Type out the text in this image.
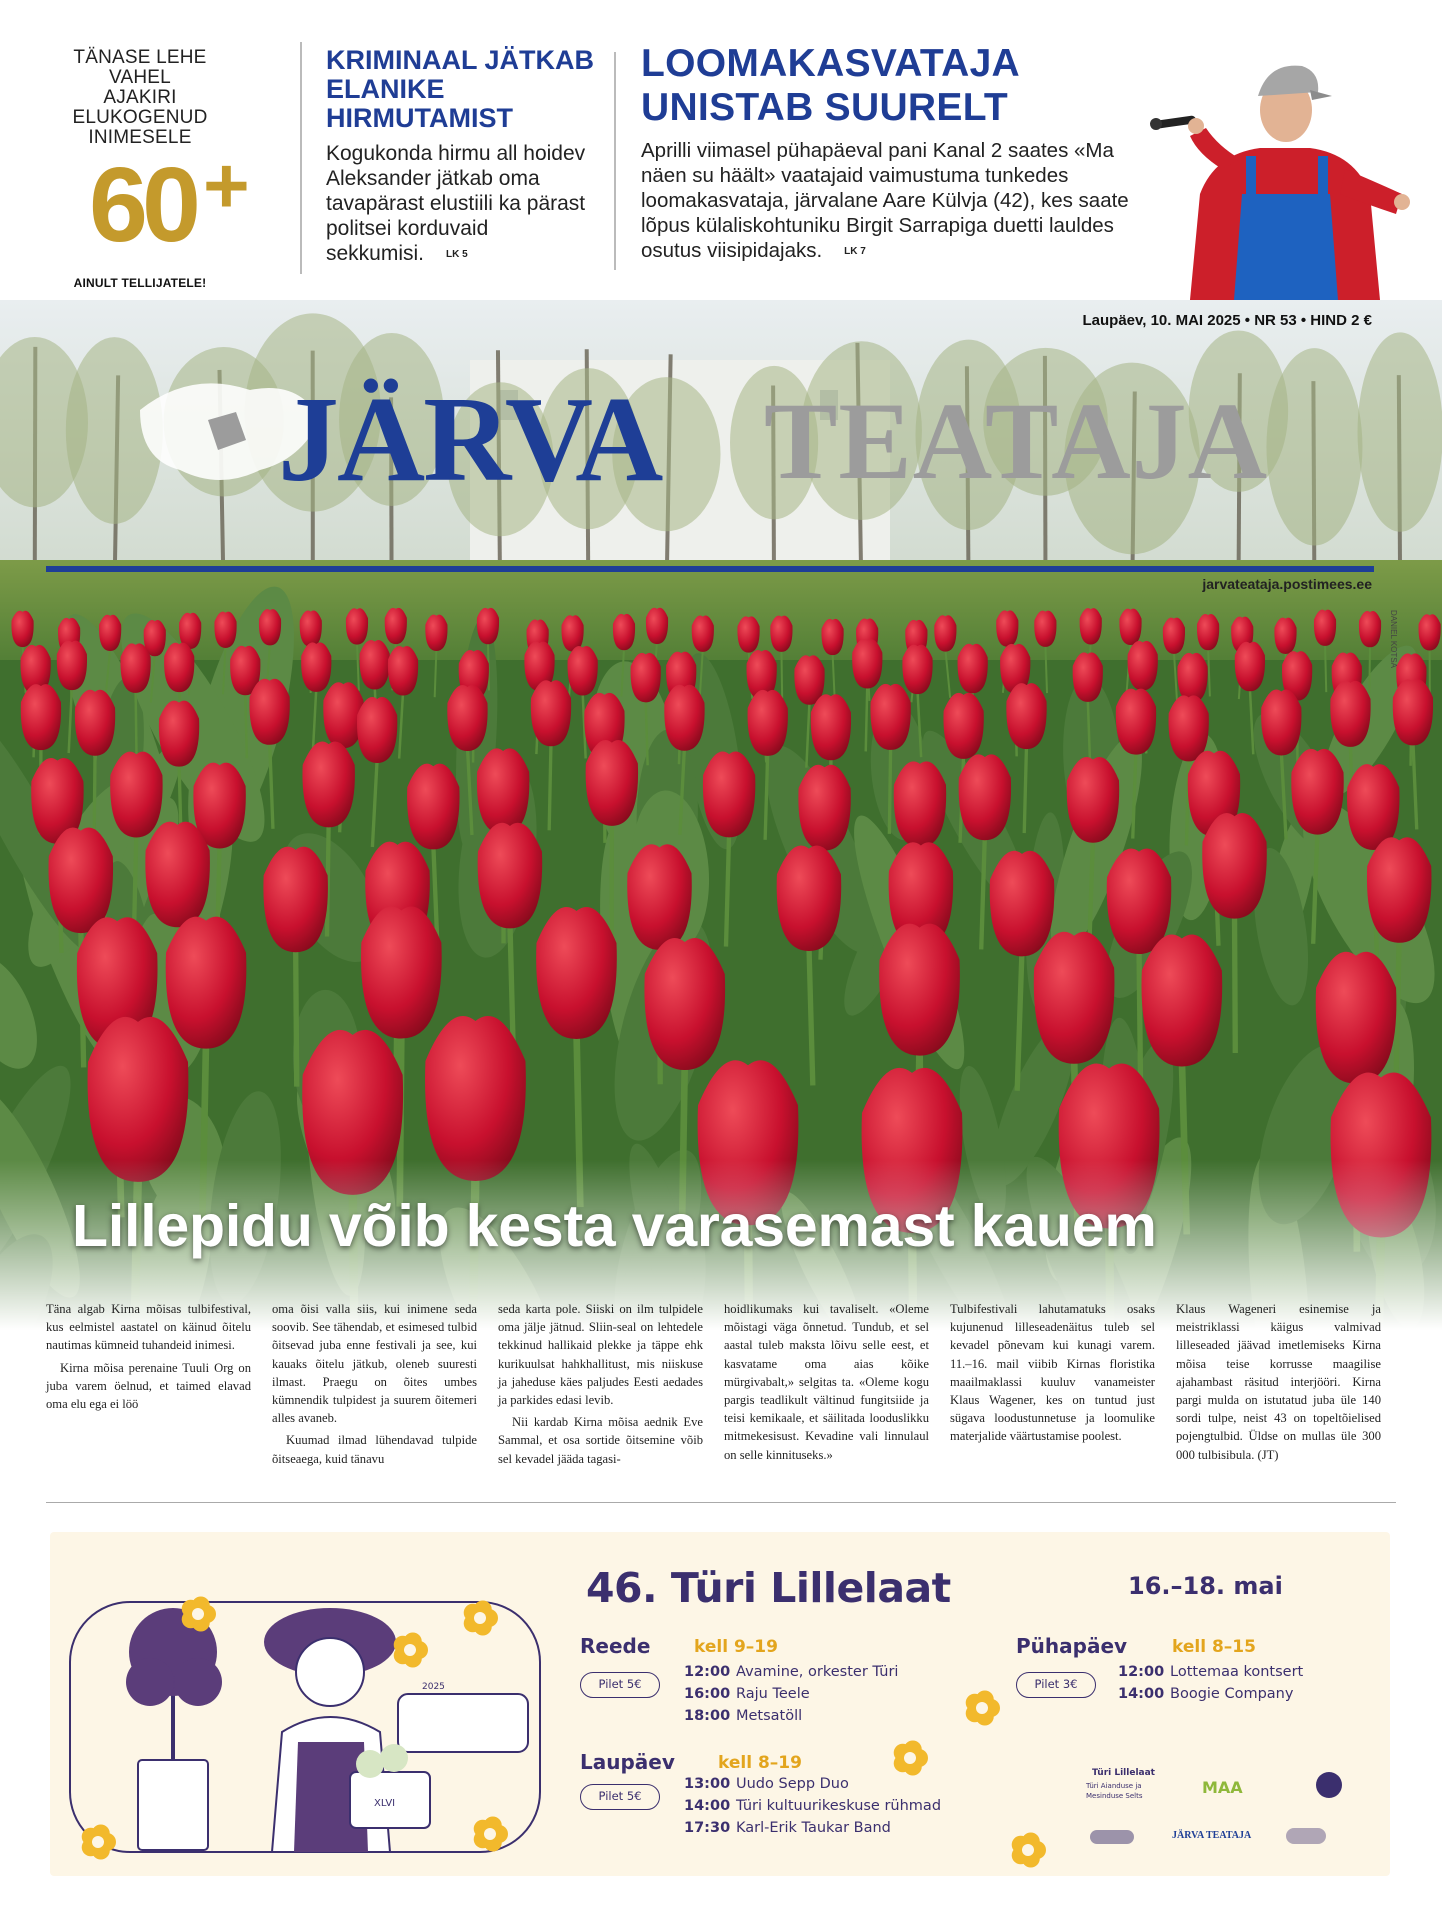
TÄNASE LEHE VAHEL
AJAKIRI
ELUKOGENUD INIMESELE
60 +
AINULT TELLIJATELE!
KRIMINAAL JÄTKAB ELANIKE HIRMUTAMIST
Kogukonda hirmu all hoidev Aleksander jätkab oma tavapärast elustiili ka pärast politsei korduvaid sekkumisi. LK 5
LOOMAKASVATAJA UNISTAB SUURELT
Aprilli viimasel pühapäeval pani Kanal 2 saates «Ma näen su häält» vaatajaid vaimustuma tunkedes loomakasvataja, järvalane Aare Külvja (42), kes saate lõpus külaliskohtuniku Birgit Sarrapiga duetti lauldes osutus viisipidajaks. LK 7
Laupäev, 10. MAI 2025 • NR 53 • HIND 2 €
JÄRVA TEATAJA
jarvateataja.postimees.ee
DANIEL KOTSA
Lillepidu võib kesta varasemast kauem

Täna algab Kirna mõisas tulbifestival, kus eelmistel aastatel on käinud õitelu nautimas kümneid tuhandeid inimesi.

Kirna mõisa perenaine Tuuli Org on juba varem öelnud, et taimed elavad oma elu ega ei löö

oma õisi valla siis, kui inimene seda soovib. See tähendab, et esimesed tulbid õitsevad juba enne festivali ja see, kui kauaks õitelu jätkub, oleneb suuresti ilmast. Praegu on õites umbes kümnendik tulpidest ja suurem õitemeri alles avaneb.

Kuumad ilmad lühendavad tulpide õitseaega, kuid tänavu

seda karta pole. Siiski on ilm tulpidele oma jälje jätnud. Sliin-seal on lehtedele tekkinud hallikaid plekke ja täppe ehk kurikuulsat hahkhallitust, mis niiskuse ja jaheduse käes paljudes Eesti aedades ja parkides edasi levib.

Nii kardab Kirna mõisa aednik Eve Sammal, et osa sortide õitsemine võib sel kevadel jääda tagasi-

hoidlikumaks kui tavaliselt. «Oleme mõistagi väga õnnetud. Tundub, et sel aastal tuleb maksta lõivu selle eest, et kasvatame oma aias kõike mürgivabalt,» selgitas ta. «Oleme kogu pargis teadlikult vältinud fungitsiide ja teisi kemikaale, et säilitada looduslikku mitmekesisust. Kevadine vali linnulaul on selle kinnituseks.»

Tulbifestivali lahutamatuks osaks kujunenud lilleseadenäitus tuleb sel kevadel põnevam kui kunagi varem. 11.–16. mail viibib Kirnas floristika maailmaklassi kuuluv vanameister Klaus Wagener, kes on tuntud just sügava loodustunnetuse ja loomulike materjalide väärtustamise poolest.

Klaus Wageneri esinemise ja meistriklassi käigus valmivad lilleseaded jäävad imetlemiseks Kirna mõisa teise korrusse maagilise ajahambast räsitud interjööri. Kirna pargi mulda on istutatud juba üle 140 sordi tulpe, neist 43 on topeltõielised pojengtulbid. Üldse on mullas üle 300 000 tulbisibula. (JT)

2025
XLVI
46. Türi Lillelaat	16.–18. mai
Reede	kell 9–19
Pilet 5€
12:00 Avamine, orkester Türi
16:00 Raju Teele
18:00 Metsatöll
Laupäev	kell 8–19
Pilet 5€
13:00 Uudo Sepp Duo
14:00 Türi kultuurikeskuse rühmad
17:30 Karl-Erik Taukar Band
Pühapäev	kell 8–15
Pilet 3€
12:00 Lottemaa kontsert
14:00 Boogie Company
Türi Lillelaat
Türi Aianduse ja
Mesinduse Selts	MAA
JÄRVA TEATAJA
